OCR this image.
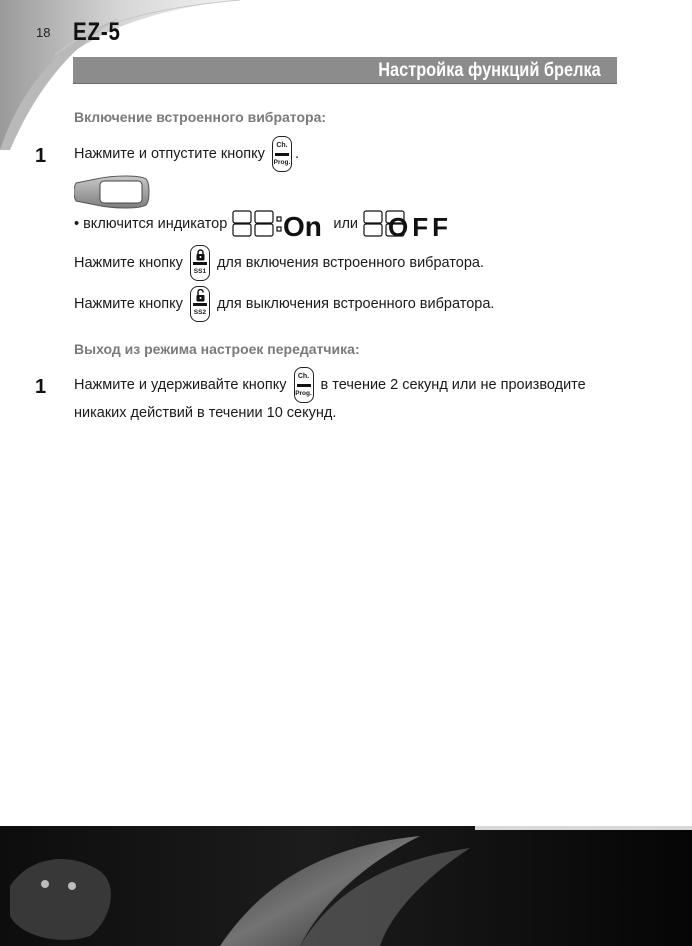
18 EZ-5
Настройка функций брелка
Включение встроенного вибратора:
1 Нажмите и отпустите кнопку
Ch.
Prog.
.
• включится индикатор On или OFF
Нажмите кнопку
SS1
для включения встроенного вибратора.
Нажмите кнопку
SS2
для выключения встроенного вибратора.
Выход из режима настроек передатчика:
1 Нажмите и удерживайте кнопку
Ch.
Prog.
в течение 2 секунд или не производите
никаких действий в течении 10 секунд.
